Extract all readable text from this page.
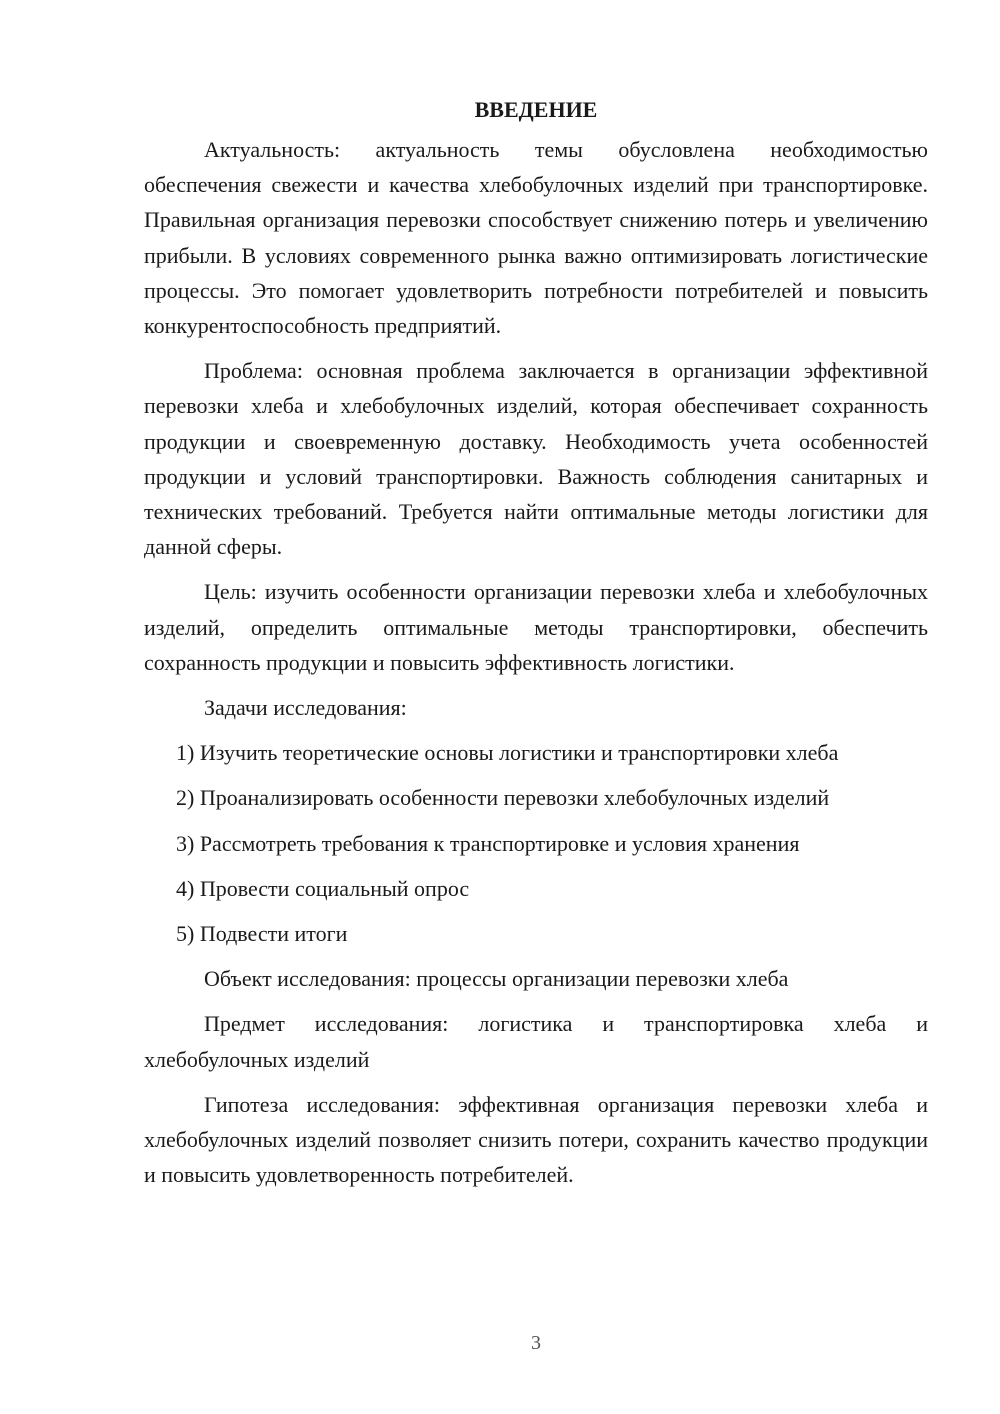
ВВЕДЕНИЕ

Актуальность: актуальность темы обусловлена необходимостью обеспечения свежести и качества хлебобулочных изделий при транспортировке. Правильная организация перевозки способствует снижению потерь и увеличению прибыли. В условиях современного рынка важно оптимизировать логистические процессы. Это помогает удовлетворить потребности потребителей и повысить конкурентоспособность предприятий.

Проблема: основная проблема заключается в организации эффективной перевозки хлеба и хлебобулочных изделий, которая обеспечивает сохранность продукции и своевременную доставку. Необходимость учета особенностей продукции и условий транспортировки. Важность соблюдения санитарных и технических требований. Требуется найти оптимальные методы логистики для данной сферы.

Цель: изучить особенности организации перевозки хлеба и хлебобулочных изделий, определить оптимальные методы транспортировки, обеспечить сохранность продукции и повысить эффективность логистики.

Задачи исследования:

1) Изучить теоретические основы логистики и транспортировки хлеба

2) Проанализировать особенности перевозки хлебобулочных изделий

3) Рассмотреть требования к транспортировке и условия хранения

4) Провести социальный опрос

5) Подвести итоги

Объект исследования: процессы организации перевозки хлеба

Предмет исследования: логистика и транспортировка хлеба и хлебобулочных изделий

Гипотеза исследования: эффективная организация перевозки хлеба и хлебобулочных изделий позволяет снизить потери, сохранить качество продукции и повысить удовлетворенность потребителей.

3
